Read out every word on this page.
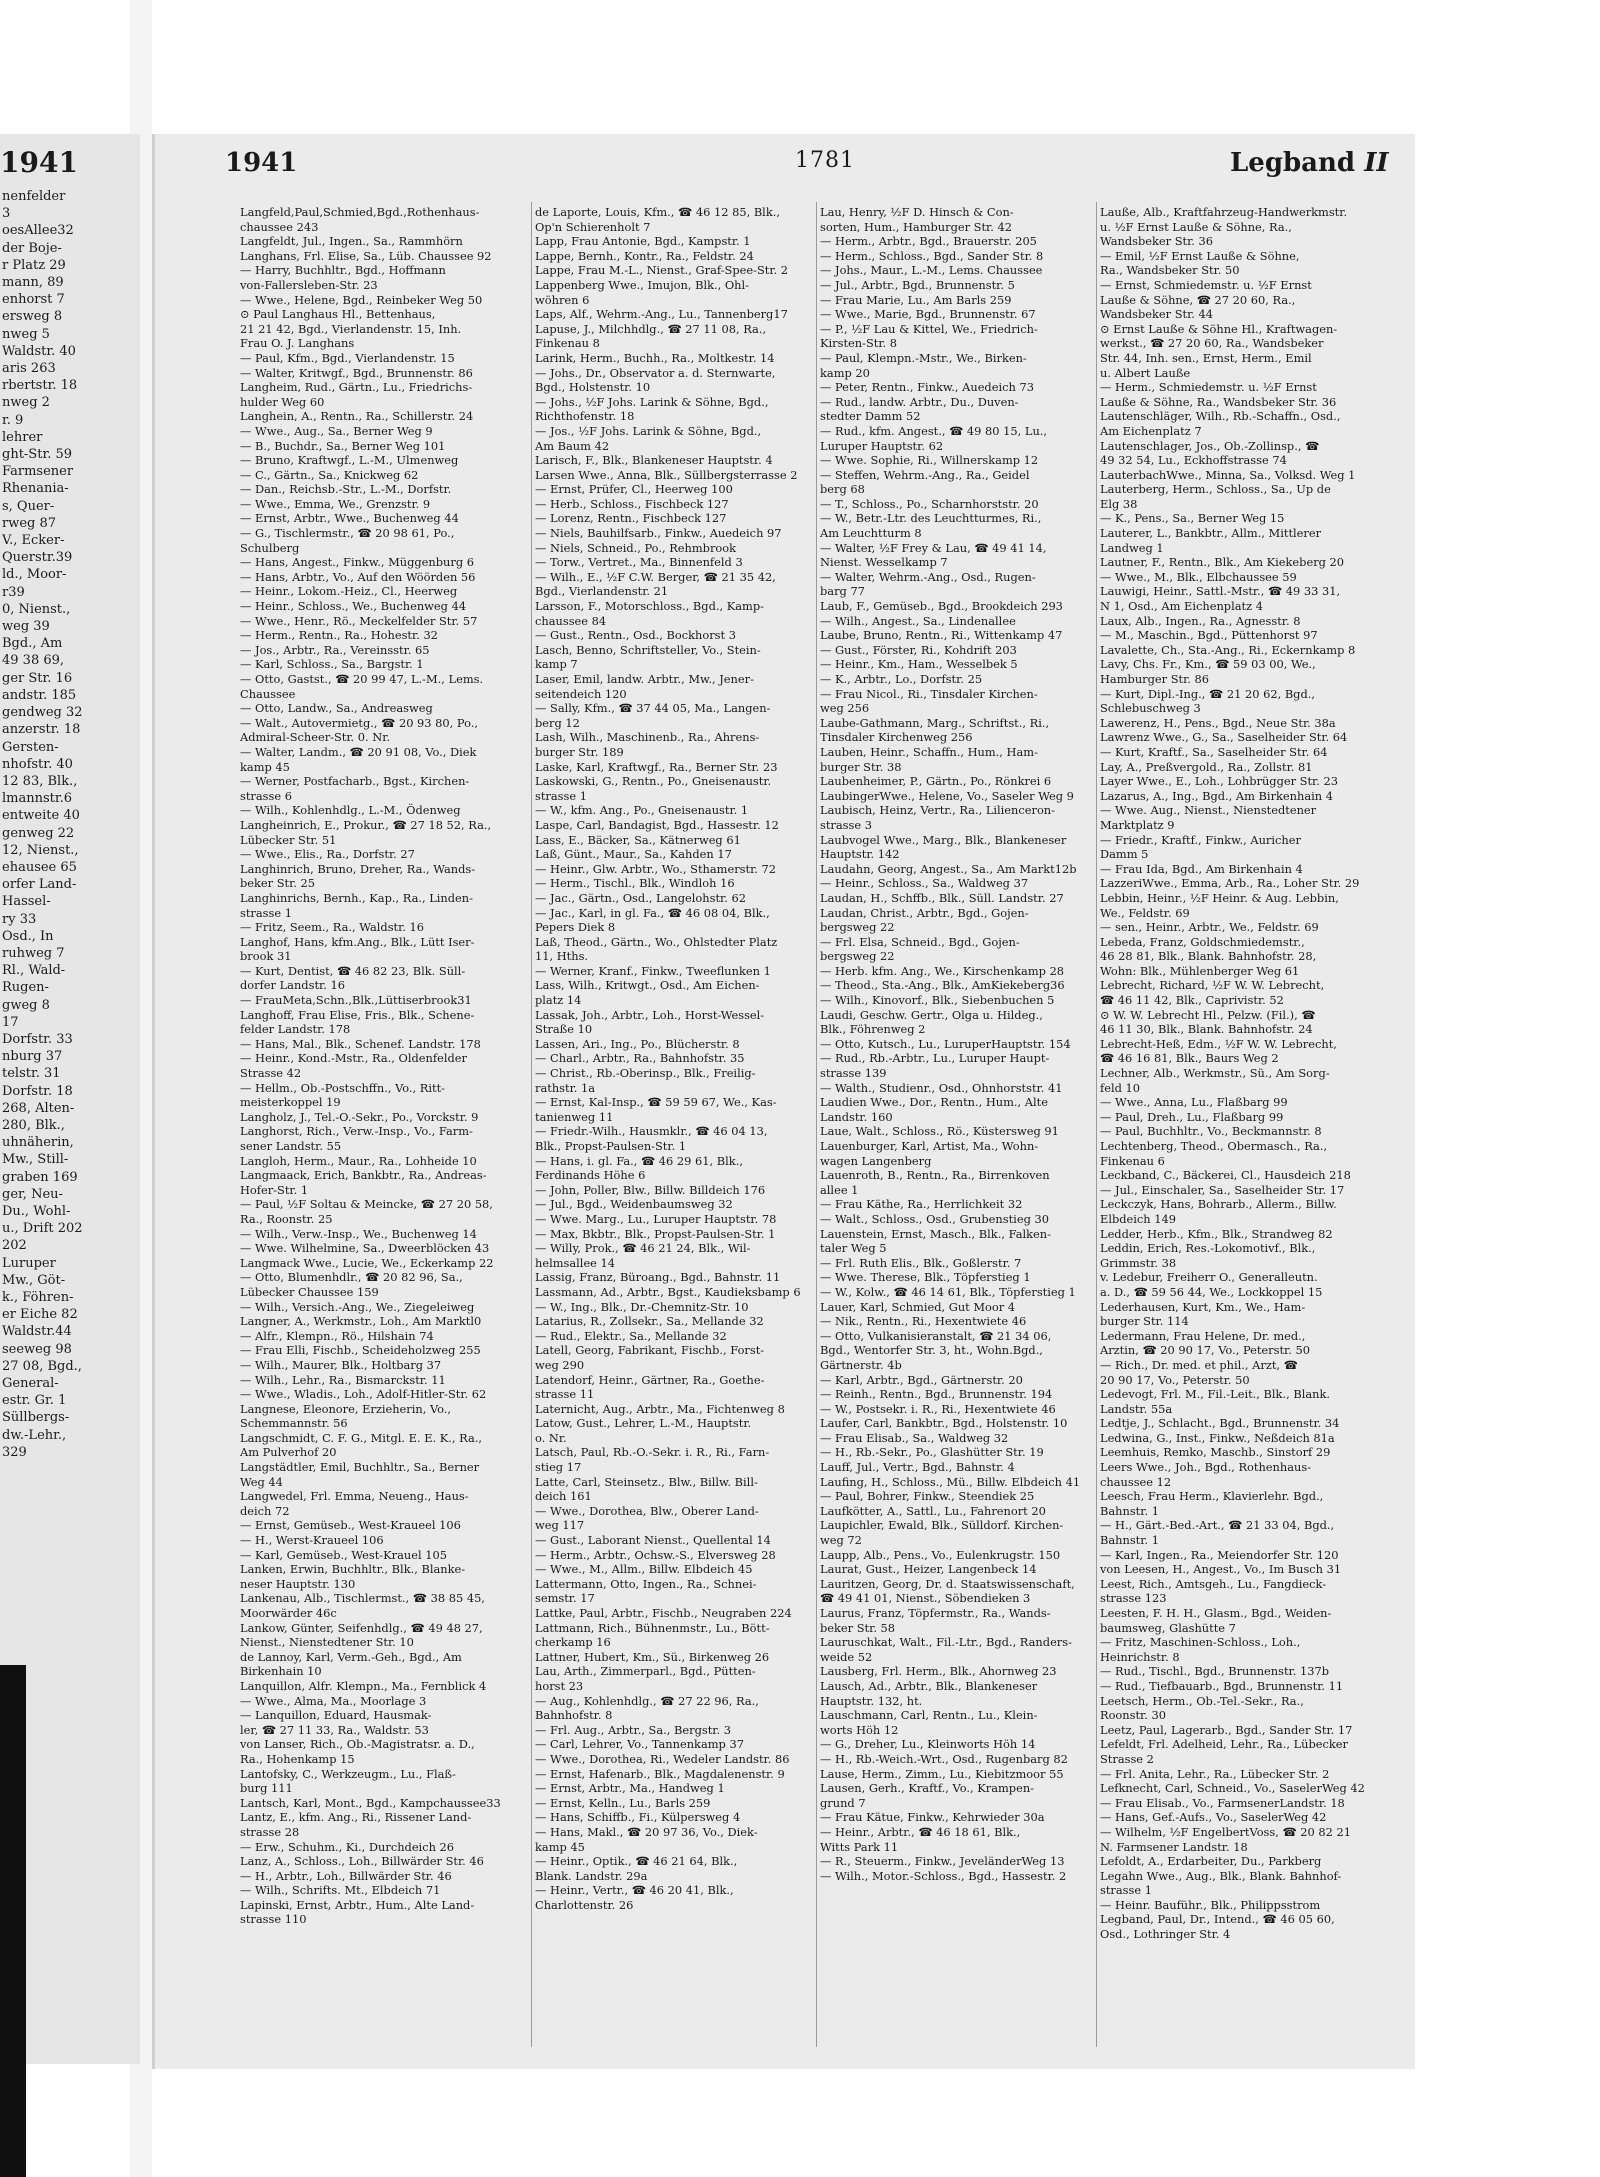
1941
nenfelder
3
oesAllee32
der Boje-
r Platz 29
mann, 89
enhorst 7
ersweg 8
nweg 5
Waldstr. 40
aris 263
rbertstr. 18
nweg 2
r. 9
lehrer
ght-Str. 59
Farmsener
Rhenania-
s, Quer-
rweg 87
V., Ecker-
Querstr.39
ld., Moor-
r39
0, Nienst.,
weg 39
Bgd., Am
49 38 69,
ger Str. 16
andstr. 185
gendweg 32
anzerstr. 18
Gersten-
nhofstr. 40
12 83, Blk.,
lmannstr.6
entweite 40
genweg 22
12, Nienst.,
ehausee 65
orfer Land-
Hassel-
ry 33
Osd., In
ruhweg 7
Rl., Wald-
Rugen-
gweg 8
17
Dorfstr. 33
nburg 37
telstr. 31
Dorfstr. 18
268, Alten-
280, Blk.,
uhnäherin,
Mw., Still-
graben 169
ger, Neu-
Du., Wohl-
u., Drift 202
202
Luruper
Mw., Göt-
k., Föhren-
er Eiche 82
Waldstr.44
seeweg 98
27 08, Bgd.,
General-
estr. Gr. 1
Süllbergs-
dw.-Lehr.,
329
1941	1781	Legband II
Langfeld,Paul,Schmied,Bgd.,Rothenhaus-
chaussee 243
Langfeldt, Jul., Ingen., Sa., Rammhörn
Langhans, Frl. Elise, Sa., Lüb. Chaussee 92
— Harry, Buchhltr., Bgd., Hoffmann
von-Fallersleben-Str. 23
— Wwe., Helene, Bgd., Reinbeker Weg 50
⊙ Paul Langhaus Hl., Bettenhaus,
21 21 42, Bgd., Vierlandenstr. 15, Inh.
Frau O. J. Langhans
— Paul, Kfm., Bgd., Vierlandenstr. 15
— Walter, Kritwgf., Bgd., Brunnenstr. 86
Langheim, Rud., Gärtn., Lu., Friedrichs-
hulder Weg 60
Langhein, A., Rentn., Ra., Schillerstr. 24
— Wwe., Aug., Sa., Berner Weg 9
— B., Buchdr., Sa., Berner Weg 101
— Bruno, Kraftwgf., L.-M., Ulmenweg
— C., Gärtn., Sa., Knickweg 62
— Dan., Reichsb.-Str., L.-M., Dorfstr.
— Wwe., Emma, We., Grenzstr. 9
— Ernst, Arbtr., Wwe., Buchenweg 44
— G., Tischlermstr., ☎ 20 98 61, Po.,
Schulberg
— Hans, Angest., Finkw., Müggenburg 6
— Hans, Arbtr., Vo., Auf den Wöörden 56
— Heinr., Lokom.-Heiz., Cl., Heerweg
— Heinr., Schloss., We., Buchenweg 44
— Wwe., Henr., Rö., Meckelfelder Str. 57
— Herm., Rentn., Ra., Hohestr. 32
— Jos., Arbtr., Ra., Vereinsstr. 65
— Karl, Schloss., Sa., Bargstr. 1
— Otto, Gastst., ☎ 20 99 47, L.-M., Lems.
Chaussee
— Otto, Landw., Sa., Andreasweg
— Walt., Autovermietg., ☎ 20 93 80, Po.,
Admiral-Scheer-Str. 0. Nr.
— Walter, Landm., ☎ 20 91 08, Vo., Diek
kamp 45
— Werner, Postfacharb., Bgst., Kirchen-
strasse 6
— Wilh., Kohlenhdlg., L.-M., Ödenweg
Langheinrich, E., Prokur., ☎ 27 18 52, Ra.,
Lübecker Str. 51
— Wwe., Elis., Ra., Dorfstr. 27
Langhinrich, Bruno, Dreher, Ra., Wands-
beker Str. 25
Langhinrichs, Bernh., Kap., Ra., Linden-
strasse 1
— Fritz, Seem., Ra., Waldstr. 16
Langhof, Hans, kfm.Ang., Blk., Lütt Iser-
brook 31
— Kurt, Dentist, ☎ 46 82 23, Blk. Süll-
dorfer Landstr. 16
— FrauMeta,Schn.,Blk.,Lüttiserbrook31
Langhoff, Frau Elise, Fris., Blk., Schene-
felder Landstr. 178
— Hans, Mal., Blk., Schenef. Landstr. 178
— Heinr., Kond.-Mstr., Ra., Oldenfelder
Strasse 42
— Hellm., Ob.-Postschffn., Vo., Ritt-
meisterkoppel 19
Langholz, J., Tel.-O.-Sekr., Po., Vorckstr. 9
Langhorst, Rich., Verw.-Insp., Vo., Farm-
sener Landstr. 55
Langloh, Herm., Maur., Ra., Lohheide 10
Langmaack, Erich, Bankbtr., Ra., Andreas-
Hofer-Str. 1
— Paul, ½F Soltau & Meincke, ☎ 27 20 58,
Ra., Roonstr. 25
— Wilh., Verw.-Insp., We., Buchenweg 14
— Wwe. Wilhelmine, Sa., Dweerblöcken 43
Langmack Wwe., Lucie, We., Eckerkamp 22
— Otto, Blumenhdlr., ☎ 20 82 96, Sa.,
Lübecker Chaussee 159
— Wilh., Versich.-Ang., We., Ziegeleiweg
Langner, A., Werkmstr., Loh., Am Marktl0
— Alfr., Klempn., Rö., Hilshain 74
— Frau Elli, Fischb., Scheideholzweg 255
— Wilh., Maurer, Blk., Holtbarg 37
— Wilh., Lehr., Ra., Bismarckstr. 11
— Wwe., Wladis., Loh., Adolf-Hitler-Str. 62
Langnese, Eleonore, Erzieherin, Vo.,
Schemmannstr. 56
Langschmidt, C. F. G., Mitgl. E. E. K., Ra.,
Am Pulverhof 20
Langstädtler, Emil, Buchhltr., Sa., Berner
Weg 44
Langwedel, Frl. Emma, Neueng., Haus-
deich 72
— Ernst, Gemüseb., West-Kraueel 106
— H., Werst-Kraueel 106
— Karl, Gemüseb., West-Krauel 105
Lanken, Erwin, Buchhltr., Blk., Blanke-
neser Hauptstr. 130
Lankenau, Alb., Tischlermst., ☎ 38 85 45,
Moorwärder 46c
Lankow, Günter, Seifenhdlg., ☎ 49 48 27,
Nienst., Nienstedtener Str. 10
de Lannoy, Karl, Verm.-Geh., Bgd., Am
Birkenhain 10
Lanquillon, Alfr. Klempn., Ma., Fernblick 4
— Wwe., Alma, Ma., Moorlage 3
— Lanquillon, Eduard, Hausmak-
ler, ☎ 27 11 33, Ra., Waldstr. 53
von Lanser, Rich., Ob.-Magistratsr. a. D.,
Ra., Hohenkamp 15
Lantofsky, C., Werkzeugm., Lu., Flaß-
burg 111
Lantsch, Karl, Mont., Bgd., Kampchaussee33
Lantz, E., kfm. Ang., Ri., Rissener Land-
strasse 28
— Erw., Schuhm., Ki., Durchdeich 26
Lanz, A., Schloss., Loh., Billwärder Str. 46
— H., Arbtr., Loh., Billwärder Str. 46
— Wilh., Schrifts. Mt., Elbdeich 71
Lapinski, Ernst, Arbtr., Hum., Alte Land-
strasse 110
de Laporte, Louis, Kfm., ☎ 46 12 85, Blk.,
Op'n Schierenholt 7
Lapp, Frau Antonie, Bgd., Kampstr. 1
Lappe, Bernh., Kontr., Ra., Feldstr. 24
Lappe, Frau M.-L., Nienst., Graf-Spee-Str. 2
Lappenberg Wwe., Imujon, Blk., Ohl-
wöhren 6
Laps, Alf., Wehrm.-Ang., Lu., Tannenberg17
Lapuse, J., Milchhdlg., ☎ 27 11 08, Ra.,
Finkenau 8
Larink, Herm., Buchh., Ra., Moltkestr. 14
— Johs., Dr., Observator a. d. Sternwarte,
Bgd., Holstenstr. 10
— Johs., ½F Johs. Larink & Söhne, Bgd.,
Richthofenstr. 18
— Jos., ½F Johs. Larink & Söhne, Bgd.,
Am Baum 42
Larisch, F., Blk., Blankeneser Hauptstr. 4
Larsen Wwe., Anna, Blk., Süllbergsterrasse 2
— Ernst, Prüfer, Cl., Heerweg 100
— Herb., Schloss., Fischbeck 127
— Lorenz, Rentn., Fischbeck 127
— Niels, Bauhilfsarb., Finkw., Auedeich 97
— Niels, Schneid., Po., Rehmbrook
— Torw., Vertret., Ma., Binnenfeld 3
— Wilh., E., ½F C.W. Berger, ☎ 21 35 42,
Bgd., Vierlandenstr. 21
Larsson, F., Motorschloss., Bgd., Kamp-
chaussee 84
— Gust., Rentn., Osd., Bockhorst 3
Lasch, Benno, Schriftsteller, Vo., Stein-
kamp 7
Laser, Emil, landw. Arbtr., Mw., Jener-
seitendeich 120
— Sally, Kfm., ☎ 37 44 05, Ma., Langen-
berg 12
Lash, Wilh., Maschinenb., Ra., Ahrens-
burger Str. 189
Laske, Karl, Kraftwgf., Ra., Berner Str. 23
Laskowski, G., Rentn., Po., Gneisenaustr.
strasse 1
— W., kfm. Ang., Po., Gneisenaustr. 1
Laspe, Carl, Bandagist, Bgd., Hassestr. 12
Lass, E., Bäcker, Sa., Kätnerweg 61
Laß, Günt., Maur., Sa., Kahden 17
— Heinr., Glw. Arbtr., Wo., Sthamerstr. 72
— Herm., Tischl., Blk., Windloh 16
— Jac., Gärtn., Osd., Langelohstr. 62
— Jac., Karl, in gl. Fa., ☎ 46 08 04, Blk.,
Pepers Diek 8
Laß, Theod., Gärtn., Wo., Ohlstedter Platz
11, Hths.
— Werner, Kranf., Finkw., Tweeflunken 1
Lass, Wilh., Kritwgt., Osd., Am Eichen-
platz 14
Lassak, Joh., Arbtr., Loh., Horst-Wessel-
Straße 10
Lassen, Ari., Ing., Po., Blücherstr. 8
— Charl., Arbtr., Ra., Bahnhofstr. 35
— Christ., Rb.-Oberinsp., Blk., Freilig-
rathstr. 1a
— Ernst, Kal-Insp., ☎ 59 59 67, We., Kas-
tanienweg 11
— Friedr.-Wilh., Hausmklr., ☎ 46 04 13,
Blk., Propst-Paulsen-Str. 1
— Hans, i. gl. Fa., ☎ 46 29 61, Blk.,
Ferdinands Höhe 6
— John, Poller, Blw., Billw. Billdeich 176
— Jul., Bgd., Weidenbaumsweg 32
— Wwe. Marg., Lu., Luruper Hauptstr. 78
— Max, Bkbtr., Blk., Propst-Paulsen-Str. 1
— Willy, Prok., ☎ 46 21 24, Blk., Wil-
helmsallee 14
Lassig, Franz, Büroang., Bgd., Bahnstr. 11
Lassmann, Ad., Arbtr., Bgst., Kaudieksbamp 6
— W., Ing., Blk., Dr.-Chemnitz-Str. 10
Latarius, R., Zollsekr., Sa., Mellande 32
— Rud., Elektr., Sa., Mellande 32
Latell, Georg, Fabrikant, Fischb., Forst-
weg 290
Latendorf, Heinr., Gärtner, Ra., Goethe-
strasse 11
Laternicht, Aug., Arbtr., Ma., Fichtenweg 8
Latow, Gust., Lehrer, L.-M., Hauptstr.
o. Nr.
Latsch, Paul, Rb.-O.-Sekr. i. R., Ri., Farn-
stieg 17
Latte, Carl, Steinsetz., Blw., Billw. Bill-
deich 161
— Wwe., Dorothea, Blw., Oberer Land-
weg 117
— Gust., Laborant Nienst., Quellental 14
— Herm., Arbtr., Ochsw.-S., Elversweg 28
— Wwe., M., Allm., Billw. Elbdeich 45
Lattermann, Otto, Ingen., Ra., Schnei-
semstr. 17
Lattke, Paul, Arbtr., Fischb., Neugraben 224
Lattmann, Rich., Bühnenmstr., Lu., Bött-
cherkamp 16
Lattner, Hubert, Km., Sü., Birkenweg 26
Lau, Arth., Zimmerparl., Bgd., Pütten-
horst 23
— Aug., Kohlenhdlg., ☎ 27 22 96, Ra.,
Bahnhofstr. 8
— Frl. Aug., Arbtr., Sa., Bergstr. 3
— Carl, Lehrer, Vo., Tannenkamp 37
— Wwe., Dorothea, Ri., Wedeler Landstr. 86
— Ernst, Hafenarb., Blk., Magdalenenstr. 9
— Ernst, Arbtr., Ma., Handweg 1
— Ernst, Kelln., Lu., Barls 259
— Hans, Schiffb., Fi., Külpersweg 4
— Hans, Makl., ☎ 20 97 36, Vo., Diek-
kamp 45
— Heinr., Optik., ☎ 46 21 64, Blk.,
Blank. Landstr. 29a
— Heinr., Vertr., ☎ 46 20 41, Blk.,
Charlottenstr. 26
Lau, Henry, ½F D. Hinsch & Con-
sorten, Hum., Hamburger Str. 42
— Herm., Arbtr., Bgd., Brauerstr. 205
— Herm., Schloss., Bgd., Sander Str. 8
— Johs., Maur., L.-M., Lems. Chaussee
— Jul., Arbtr., Bgd., Brunnenstr. 5
— Frau Marie, Lu., Am Barls 259
— Wwe., Marie, Bgd., Brunnenstr. 67
— P., ½F Lau & Kittel, We., Friedrich-
Kirsten-Str. 8
— Paul, Klempn.-Mstr., We., Birken-
kamp 20
— Peter, Rentn., Finkw., Auedeich 73
— Rud., landw. Arbtr., Du., Duven-
stedter Damm 52
— Rud., kfm. Angest., ☎ 49 80 15, Lu.,
Luruper Hauptstr. 62
— Wwe. Sophie, Ri., Willnerskamp 12
— Steffen, Wehrm.-Ang., Ra., Geidel
berg 68
— T., Schloss., Po., Scharnhorststr. 20
— W., Betr.-Ltr. des Leuchtturmes, Ri.,
Am Leuchtturm 8
— Walter, ½F Frey & Lau, ☎ 49 41 14,
Nienst. Wesselkamp 7
— Walter, Wehrm.-Ang., Osd., Rugen-
barg 77
Laub, F., Gemüseb., Bgd., Brookdeich 293
— Wilh., Angest., Sa., Lindenallee
Laube, Bruno, Rentn., Ri., Wittenkamp 47
— Gust., Förster, Ri., Kohdrift 203
— Heinr., Km., Ham., Wesselbek 5
— K., Arbtr., Lo., Dorfstr. 25
— Frau Nicol., Ri., Tinsdaler Kirchen-
weg 256
Laube-Gathmann, Marg., Schriftst., Ri.,
Tinsdaler Kirchenweg 256
Lauben, Heinr., Schaffn., Hum., Ham-
burger Str. 38
Laubenheimer, P., Gärtn., Po., Rönkrei 6
LaubingerWwe., Helene, Vo., Saseler Weg 9
Laubisch, Heinz, Vertr., Ra., Lilienceron-
strasse 3
Laubvogel Wwe., Marg., Blk., Blankeneser
Hauptstr. 142
Laudahn, Georg, Angest., Sa., Am Markt12b
— Heinr., Schloss., Sa., Waldweg 37
Laudan, H., Schffb., Blk., Süll. Landstr. 27
Laudan, Christ., Arbtr., Bgd., Gojen-
bergsweg 22
— Frl. Elsa, Schneid., Bgd., Gojen-
bergsweg 22
— Herb. kfm. Ang., We., Kirschenkamp 28
— Theod., Sta.-Ang., Blk., AmKiekeberg36
— Wilh., Kinovorf., Blk., Siebenbuchen 5
Laudi, Geschw. Gertr., Olga u. Hildeg.,
Blk., Föhrenweg 2
— Otto, Kutsch., Lu., LuruperHauptstr. 154
— Rud., Rb.-Arbtr., Lu., Luruper Haupt-
strasse 139
— Walth., Studienr., Osd., Ohnhorststr. 41
Laudien Wwe., Dor., Rentn., Hum., Alte
Landstr. 160
Laue, Walt., Schloss., Rö., Küstersweg 91
Lauenburger, Karl, Artist, Ma., Wohn-
wagen Langenberg
Lauenroth, B., Rentn., Ra., Birrenkoven
allee 1
— Frau Käthe, Ra., Herrlichkeit 32
— Walt., Schloss., Osd., Grubenstieg 30
Lauenstein, Ernst, Masch., Blk., Falken-
taler Weg 5
— Frl. Ruth Elis., Blk., Goßlerstr. 7
— Wwe. Therese, Blk., Töpferstieg 1
— W., Kolw., ☎ 46 14 61, Blk., Töpferstieg 1
Lauer, Karl, Schmied, Gut Moor 4
— Nik., Rentn., Ri., Hexentwiete 46
— Otto, Vulkanisieranstalt, ☎ 21 34 06,
Bgd., Wentorfer Str. 3, ht., Wohn.Bgd.,
Gärtnerstr. 4b
— Karl, Arbtr., Bgd., Gärtnerstr. 20
— Reinh., Rentn., Bgd., Brunnenstr. 194
— W., Postsekr. i. R., Ri., Hexentwiete 46
Laufer, Carl, Bankbtr., Bgd., Holstenstr. 10
— Frau Elisab., Sa., Waldweg 32
— H., Rb.-Sekr., Po., Glashütter Str. 19
Lauff, Jul., Vertr., Bgd., Bahnstr. 4
Laufing, H., Schloss., Mü., Billw. Elbdeich 41
— Paul, Bohrer, Finkw., Steendiek 25
Laufkötter, A., Sattl., Lu., Fahrenort 20
Laupichler, Ewald, Blk., Sülldorf. Kirchen-
weg 72
Laupp, Alb., Pens., Vo., Eulenkrugstr. 150
Laurat, Gust., Heizer, Langenbeck 14
Lauritzen, Georg, Dr. d. Staatswissenschaft,
☎ 49 41 01, Nienst., Söbendieken 3
Laurus, Franz, Töpfermstr., Ra., Wands-
beker Str. 58
Lauruschkat, Walt., Fil.-Ltr., Bgd., Randers-
weide 52
Lausberg, Frl. Herm., Blk., Ahornweg 23
Lausch, Ad., Arbtr., Blk., Blankeneser
Hauptstr. 132, ht.
Lauschmann, Carl, Rentn., Lu., Klein-
worts Höh 12
— G., Dreher, Lu., Kleinworts Höh 14
— H., Rb.-Weich.-Wrt., Osd., Rugenbarg 82
Lause, Herm., Zimm., Lu., Kiebitzmoor 55
Lausen, Gerh., Kraftf., Vo., Krampen-
grund 7
— Frau Kätue, Finkw., Kehrwieder 30a
— Heinr., Arbtr., ☎ 46 18 61, Blk.,
Witts Park 11
— R., Steuerm., Finkw., JeveländerWeg 13
— Wilh., Motor.-Schloss., Bgd., Hassestr. 2
Lauße, Alb., Kraftfahrzeug-Handwerkmstr.
u. ½F Ernst Lauße & Söhne, Ra.,
Wandsbeker Str. 36
— Emil, ½F Ernst Lauße & Söhne,
Ra., Wandsbeker Str. 50
— Ernst, Schmiedemstr. u. ½F Ernst
Lauße & Söhne, ☎ 27 20 60, Ra.,
Wandsbeker Str. 44
⊙ Ernst Lauße & Söhne Hl., Kraftwagen-
werkst., ☎ 27 20 60, Ra., Wandsbeker
Str. 44, Inh. sen., Ernst, Herm., Emil
u. Albert Lauße
— Herm., Schmiedemstr. u. ½F Ernst
Lauße & Söhne, Ra., Wandsbeker Str. 36
Lautenschläger, Wilh., Rb.-Schaffn., Osd.,
Am Eichenplatz 7
Lautenschlager, Jos., Ob.-Zollinsp., ☎
49 32 54, Lu., Eckhoffstrasse 74
LauterbachWwe., Minna, Sa., Volksd. Weg 1
Lauterberg, Herm., Schloss., Sa., Up de
Elg 38
— K., Pens., Sa., Berner Weg 15
Lauterer, L., Bankbtr., Allm., Mittlerer
Landweg 1
Lautner, F., Rentn., Blk., Am Kiekeberg 20
— Wwe., M., Blk., Elbchaussee 59
Lauwigi, Heinr., Sattl.-Mstr., ☎ 49 33 31,
N 1, Osd., Am Eichenplatz 4
Laux, Alb., Ingen., Ra., Agnesstr. 8
— M., Maschin., Bgd., Püttenhorst 97
Lavalette, Ch., Sta.-Ang., Ri., Eckernkamp 8
Lavy, Chs. Fr., Km., ☎ 59 03 00, We.,
Hamburger Str. 86
— Kurt, Dipl.-Ing., ☎ 21 20 62, Bgd.,
Schlebuschweg 3
Lawerenz, H., Pens., Bgd., Neue Str. 38a
Lawrenz Wwe., G., Sa., Saselheider Str. 64
— Kurt, Kraftf., Sa., Saselheider Str. 64
Lay, A., Preßvergold., Ra., Zollstr. 81
Layer Wwe., E., Loh., Lohbrügger Str. 23
Lazarus, A., Ing., Bgd., Am Birkenhain 4
— Wwe. Aug., Nienst., Nienstedtener
Marktplatz 9
— Friedr., Kraftf., Finkw., Auricher
Damm 5
— Frau Ida, Bgd., Am Birkenhain 4
LazzeriWwe., Emma, Arb., Ra., Loher Str. 29
Lebbin, Heinr., ½F Heinr. & Aug. Lebbin,
We., Feldstr. 69
— sen., Heinr., Arbtr., We., Feldstr. 69
Lebeda, Franz, Goldschmiedemstr.,
46 28 81, Blk., Blank. Bahnhofstr. 28,
Wohn: Blk., Mühlenberger Weg 61
Lebrecht, Richard, ½F W. W. Lebrecht,
☎ 46 11 42, Blk., Caprivistr. 52
⊙ W. W. Lebrecht Hl., Pelzw. (Fil.), ☎
46 11 30, Blk., Blank. Bahnhofstr. 24
Lebrecht-Heß, Edm., ½F W. W. Lebrecht,
☎ 46 16 81, Blk., Baurs Weg 2
Lechner, Alb., Werkmstr., Sü., Am Sorg-
feld 10
— Wwe., Anna, Lu., Flaßbarg 99
— Paul, Dreh., Lu., Flaßbarg 99
— Paul, Buchhltr., Vo., Beckmannstr. 8
Lechtenberg, Theod., Obermasch., Ra.,
Finkenau 6
Leckband, C., Bäckerei, Cl., Hausdeich 218
— Jul., Einschaler, Sa., Saselheider Str. 17
Leckczyk, Hans, Bohrarb., Allerm., Billw.
Elbdeich 149
Ledder, Herb., Kfm., Blk., Strandweg 82
Leddin, Erich, Res.-Lokomotivf., Blk.,
Grimmstr. 38
v. Ledebur, Freiherr O., Generalleutn.
a. D., ☎ 59 56 44, We., Lockkoppel 15
Lederhausen, Kurt, Km., We., Ham-
burger Str. 114
Ledermann, Frau Helene, Dr. med.,
Arztin, ☎ 20 90 17, Vo., Peterstr. 50
— Rich., Dr. med. et phil., Arzt, ☎
20 90 17, Vo., Peterstr. 50
Ledevogt, Frl. M., Fil.-Leit., Blk., Blank.
Landstr. 55a
Ledtje, J., Schlacht., Bgd., Brunnenstr. 34
Ledwina, G., Inst., Finkw., Neßdeich 81a
Leemhuis, Remko, Maschb., Sinstorf 29
Leers Wwe., Joh., Bgd., Rothenhaus-
chaussee 12
Leesch, Frau Herm., Klavierlehr. Bgd.,
Bahnstr. 1
— H., Gärt.-Bed.-Art., ☎ 21 33 04, Bgd.,
Bahnstr. 1
— Karl, Ingen., Ra., Meiendorfer Str. 120
von Leesen, H., Angest., Vo., Im Busch 31
Leest, Rich., Amtsgeh., Lu., Fangdieck-
strasse 123
Leesten, F. H. H., Glasm., Bgd., Weiden-
baumsweg, Glashütte 7
— Fritz, Maschinen-Schloss., Loh.,
Heinrichstr. 8
— Rud., Tischl., Bgd., Brunnenstr. 137b
— Rud., Tiefbauarb., Bgd., Brunnenstr. 11
Leetsch, Herm., Ob.-Tel.-Sekr., Ra.,
Roonstr. 30
Leetz, Paul, Lagerarb., Bgd., Sander Str. 17
Lefeldt, Frl. Adelheid, Lehr., Ra., Lübecker
Strasse 2
— Frl. Anita, Lehr., Ra., Lübecker Str. 2
Lefknecht, Carl, Schneid., Vo., SaselerWeg 42
— Frau Elisab., Vo., FarmsenerLandstr. 18
— Hans, Gef.-Aufs., Vo., SaselerWeg 42
— Wilhelm, ½F EngelbertVoss, ☎ 20 82 21
N. Farmsener Landstr. 18
Lefoldt, A., Erdarbeiter, Du., Parkberg
Legahn Wwe., Aug., Blk., Blank. Bahnhof-
strasse 1
— Heinr. Bauführ., Blk., Philippsstrom
Legband, Paul, Dr., Intend., ☎ 46 05 60,
Osd., Lothringer Str. 4
